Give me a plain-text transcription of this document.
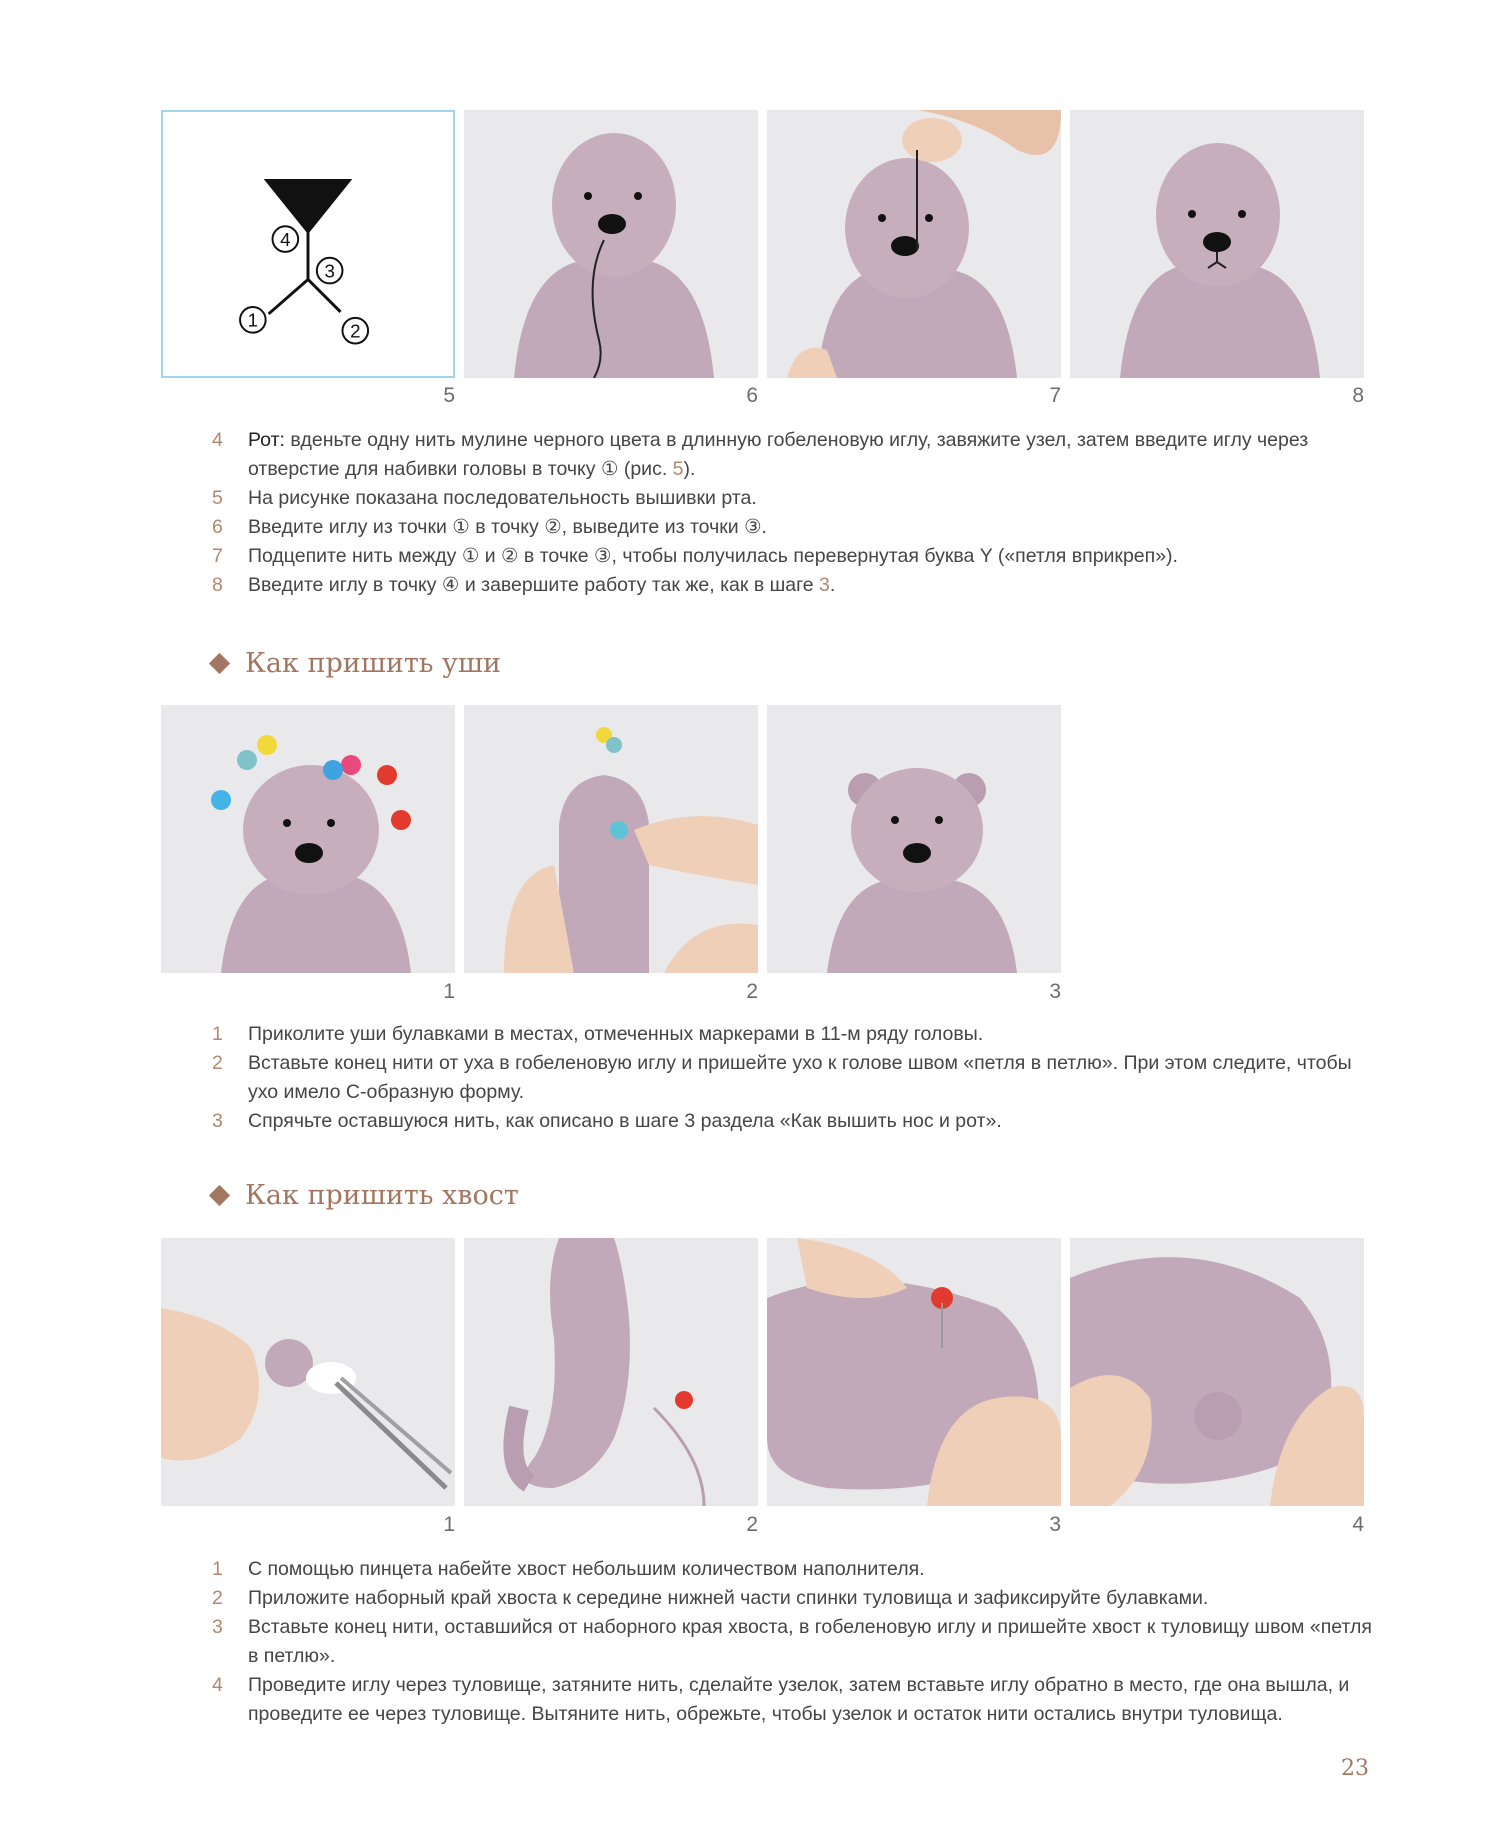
4
3
1
2
5	6	7	8
4	Рот: вденьте одну нить мулине черного цвета в длинную гобеленовую иглу, завяжите узел, затем введите иглу через отверстие для набивки головы в точку ① (рис. 5).
5	На рисунке показана последовательность вышивки рта.
6	Введите иглу из точки ① в точку ②, выведите из точки ③.
7	Подцепите нить между ① и ② в точке ③, чтобы получилась перевернутая буква Y («петля вприкреп»).
8	Введите иглу в точку ④ и завершите работу так же, как в шаге 3.
Как пришить уши
1	2	3
1	Приколите уши булавками в местах, отмеченных маркерами в 11-м ряду головы.
2	Вставьте конец нити от уха в гобеленовую иглу и пришейте ухо к голове швом «петля в петлю». При этом следите, чтобы ухо имело С-образную форму.
3	Спрячьте оставшуюся нить, как описано в шаге 3 раздела «Как вышить нос и рот».
Как пришить хвост
1	2	3	4
1	С помощью пинцета набейте хвост небольшим количеством наполнителя.
2	Приложите наборный край хвоста к середине нижней части спинки туловища и зафиксируйте булавками.
3	Вставьте конец нити, оставшийся от наборного края хвоста, в гобеленовую иглу и пришейте хвост к туловищу швом «петля в петлю».
4	Проведите иглу через туловище, затяните нить, сделайте узелок, затем вставьте иглу обратно в место, где она вышла, и проведите ее через туловище. Вытяните нить, обрежьте, чтобы узелок и остаток нити остались внутри туловища.
23
